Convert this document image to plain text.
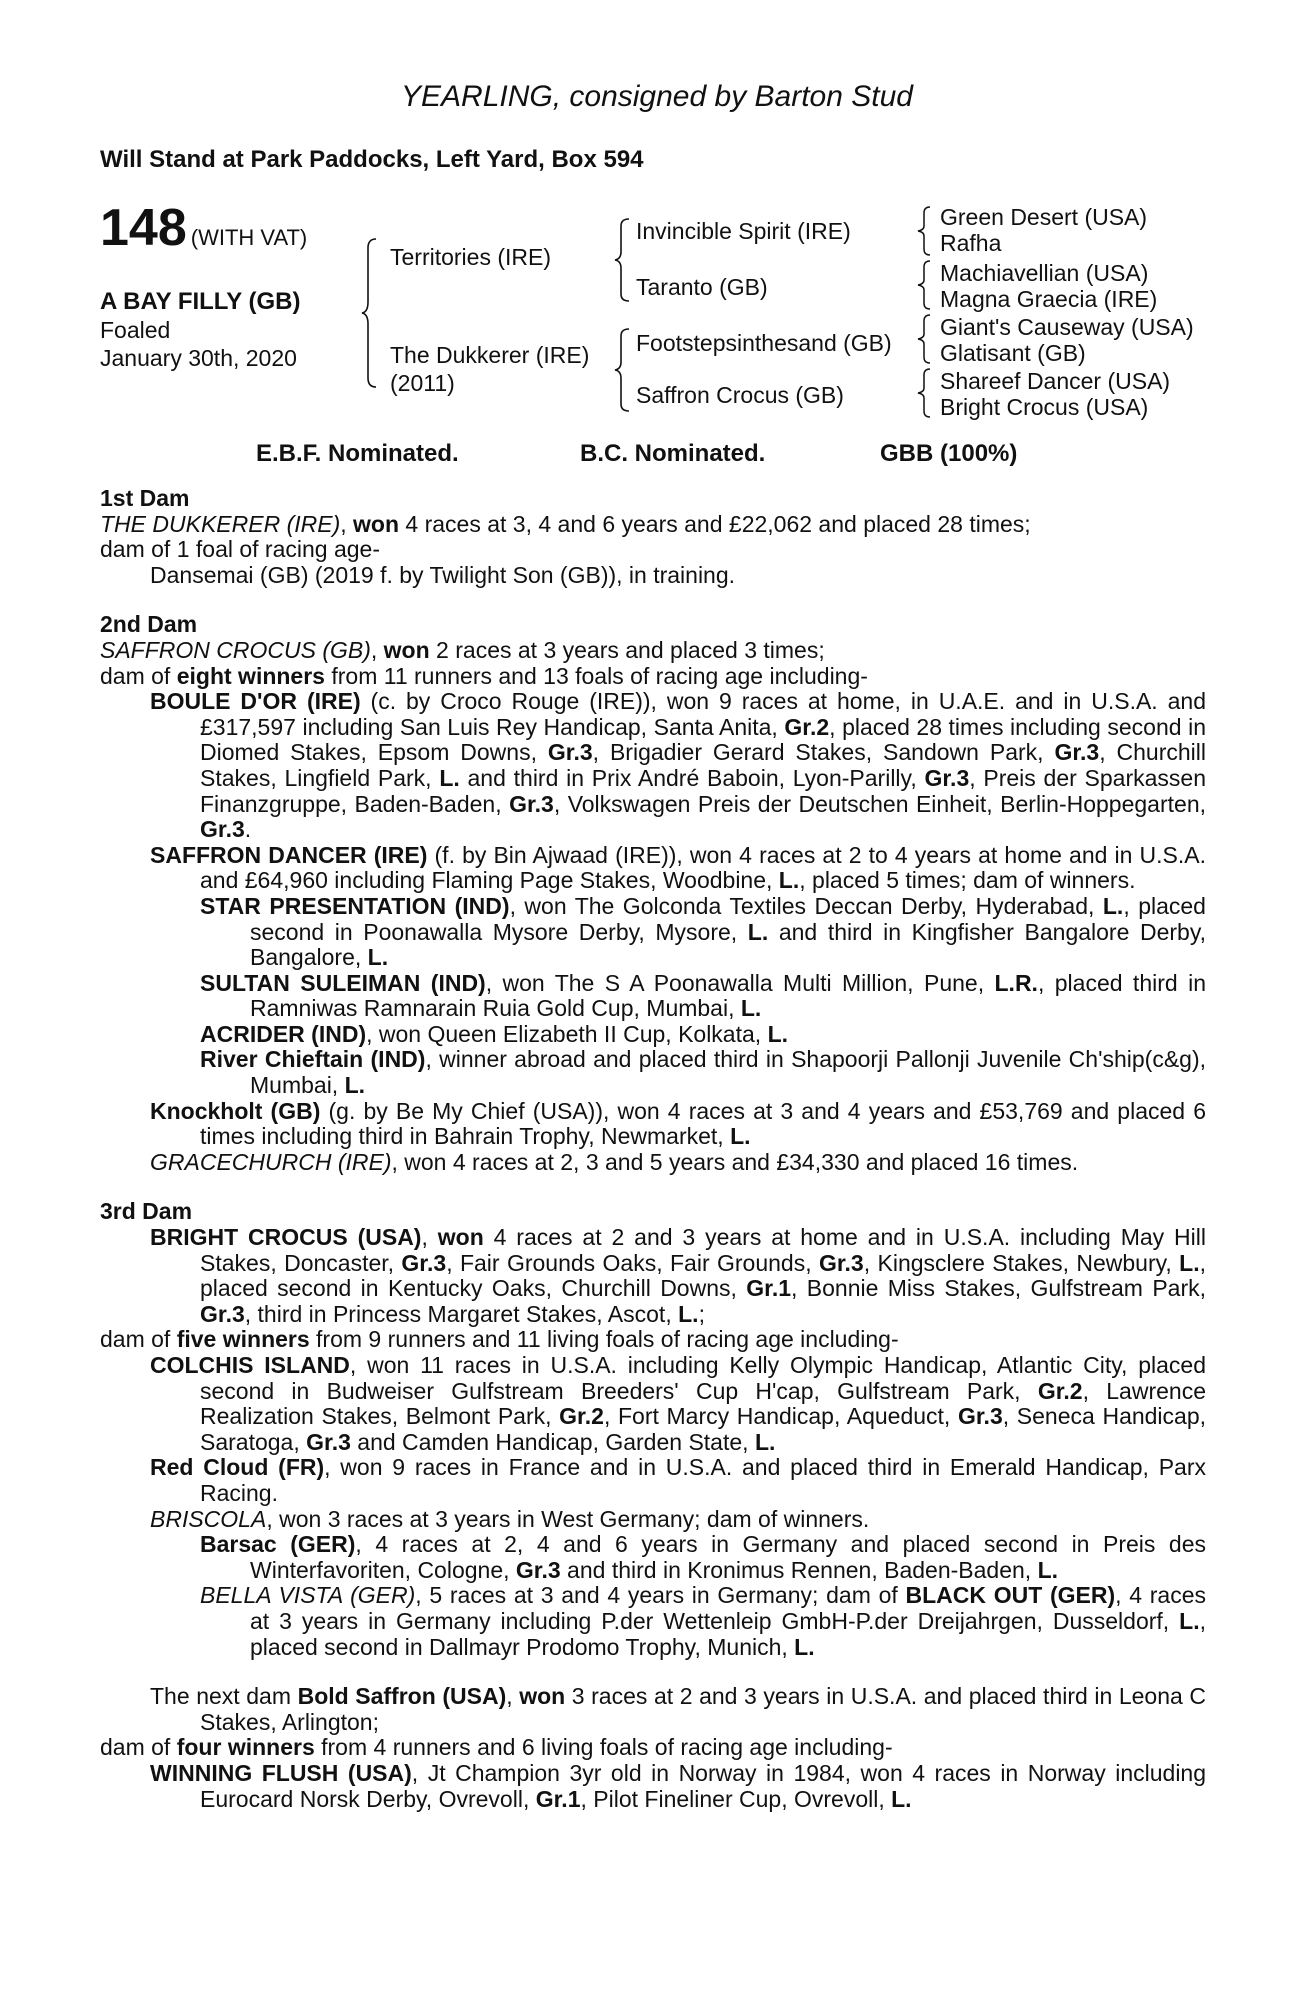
YEARLING, consigned by Barton Stud
Will Stand at Park Paddocks, Left Yard, Box 594
148 (WITH VAT)
A BAY FILLY (GB)
Foaled
January 30th, 2020
Territories (IRE)
The Dukkerer (IRE)
(2011)
Invincible Spirit (IRE)
Taranto (GB)
Footstepsinthesand (GB)
Saffron Crocus (GB)
Green Desert (USA)
Rafha
Machiavellian (USA)
Magna Graecia (IRE)
Giant's Causeway (USA)
Glatisant (GB)
Shareef Dancer (USA)
Bright Crocus (USA)
E.B.F. Nominated.	B.C. Nominated.	GBB (100%)
1st Dam
THE DUKKERER (IRE), won 4 races at 3, 4 and 6 years and £22,062 and placed 28 times;
dam of 1 foal of racing age-
Dansemai (GB) (2019 f. by Twilight Son (GB)), in training.
2nd Dam
SAFFRON CROCUS (GB), won 2 races at 3 years and placed 3 times;
dam of eight winners from 11 runners and 13 foals of racing age including-
BOULE D'OR (IRE) (c. by Croco Rouge (IRE)), won 9 races at home, in U.A.E. and in U.S.A. and £317,597 including San Luis Rey Handicap, Santa Anita, Gr.2, placed 28 times including second in Diomed Stakes, Epsom Downs, Gr.3, Brigadier Gerard Stakes, Sandown Park, Gr.3, Churchill Stakes, Lingfield Park, L. and third in Prix André Baboin, Lyon-Parilly, Gr.3, Preis der Sparkassen Finanzgruppe, Baden-Baden, Gr.3, Volkswagen Preis der Deutschen Einheit, Berlin-Hoppegarten, Gr.3.
SAFFRON DANCER (IRE) (f. by Bin Ajwaad (IRE)), won 4 races at 2 to 4 years at home and in U.S.A. and £64,960 including Flaming Page Stakes, Woodbine, L., placed 5 times; dam of winners.
STAR PRESENTATION (IND), won The Golconda Textiles Deccan Derby, Hyderabad, L., placed second in Poonawalla Mysore Derby, Mysore, L. and third in Kingfisher Bangalore Derby, Bangalore, L.
SULTAN SULEIMAN (IND), won The S A Poonawalla Multi Million, Pune, L.R., placed third in Ramniwas Ramnarain Ruia Gold Cup, Mumbai, L.
ACRIDER (IND), won Queen Elizabeth II Cup, Kolkata, L.
River Chieftain (IND), winner abroad and placed third in Shapoorji Pallonji Juvenile Ch'ship(c&g), Mumbai, L.
Knockholt (GB) (g. by Be My Chief (USA)), won 4 races at 3 and 4 years and £53,769 and placed 6 times including third in Bahrain Trophy, Newmarket, L.
GRACECHURCH (IRE), won 4 races at 2, 3 and 5 years and £34,330 and placed 16 times.
3rd Dam
BRIGHT CROCUS (USA), won 4 races at 2 and 3 years at home and in U.S.A. including May Hill Stakes, Doncaster, Gr.3, Fair Grounds Oaks, Fair Grounds, Gr.3, Kingsclere Stakes, Newbury, L., placed second in Kentucky Oaks, Churchill Downs, Gr.1, Bonnie Miss Stakes, Gulfstream Park, Gr.3, third in Princess Margaret Stakes, Ascot, L.;
dam of five winners from 9 runners and 11 living foals of racing age including-
COLCHIS ISLAND, won 11 races in U.S.A. including Kelly Olympic Handicap, Atlantic City, placed second in Budweiser Gulfstream Breeders' Cup H'cap, Gulfstream Park, Gr.2, Lawrence Realization Stakes, Belmont Park, Gr.2, Fort Marcy Handicap, Aqueduct, Gr.3, Seneca Handicap, Saratoga, Gr.3 and Camden Handicap, Garden State, L.
Red Cloud (FR), won 9 races in France and in U.S.A. and placed third in Emerald Handicap, Parx Racing.
BRISCOLA, won 3 races at 3 years in West Germany; dam of winners.
Barsac (GER), 4 races at 2, 4 and 6 years in Germany and placed second in Preis des Winterfavoriten, Cologne, Gr.3 and third in Kronimus Rennen, Baden-Baden, L.
BELLA VISTA (GER), 5 races at 3 and 4 years in Germany; dam of BLACK OUT (GER), 4 races at 3 years in Germany including P.der Wettenleip GmbH-P.der Dreijahrgen, Dusseldorf, L., placed second in Dallmayr Prodomo Trophy, Munich, L.
The next dam Bold Saffron (USA), won 3 races at 2 and 3 years in U.S.A. and placed third in Leona C Stakes, Arlington;
dam of four winners from 4 runners and 6 living foals of racing age including-
WINNING FLUSH (USA), Jt Champion 3yr old in Norway in 1984, won 4 races in Norway including Eurocard Norsk Derby, Ovrevoll, Gr.1, Pilot Fineliner Cup, Ovrevoll, L.
